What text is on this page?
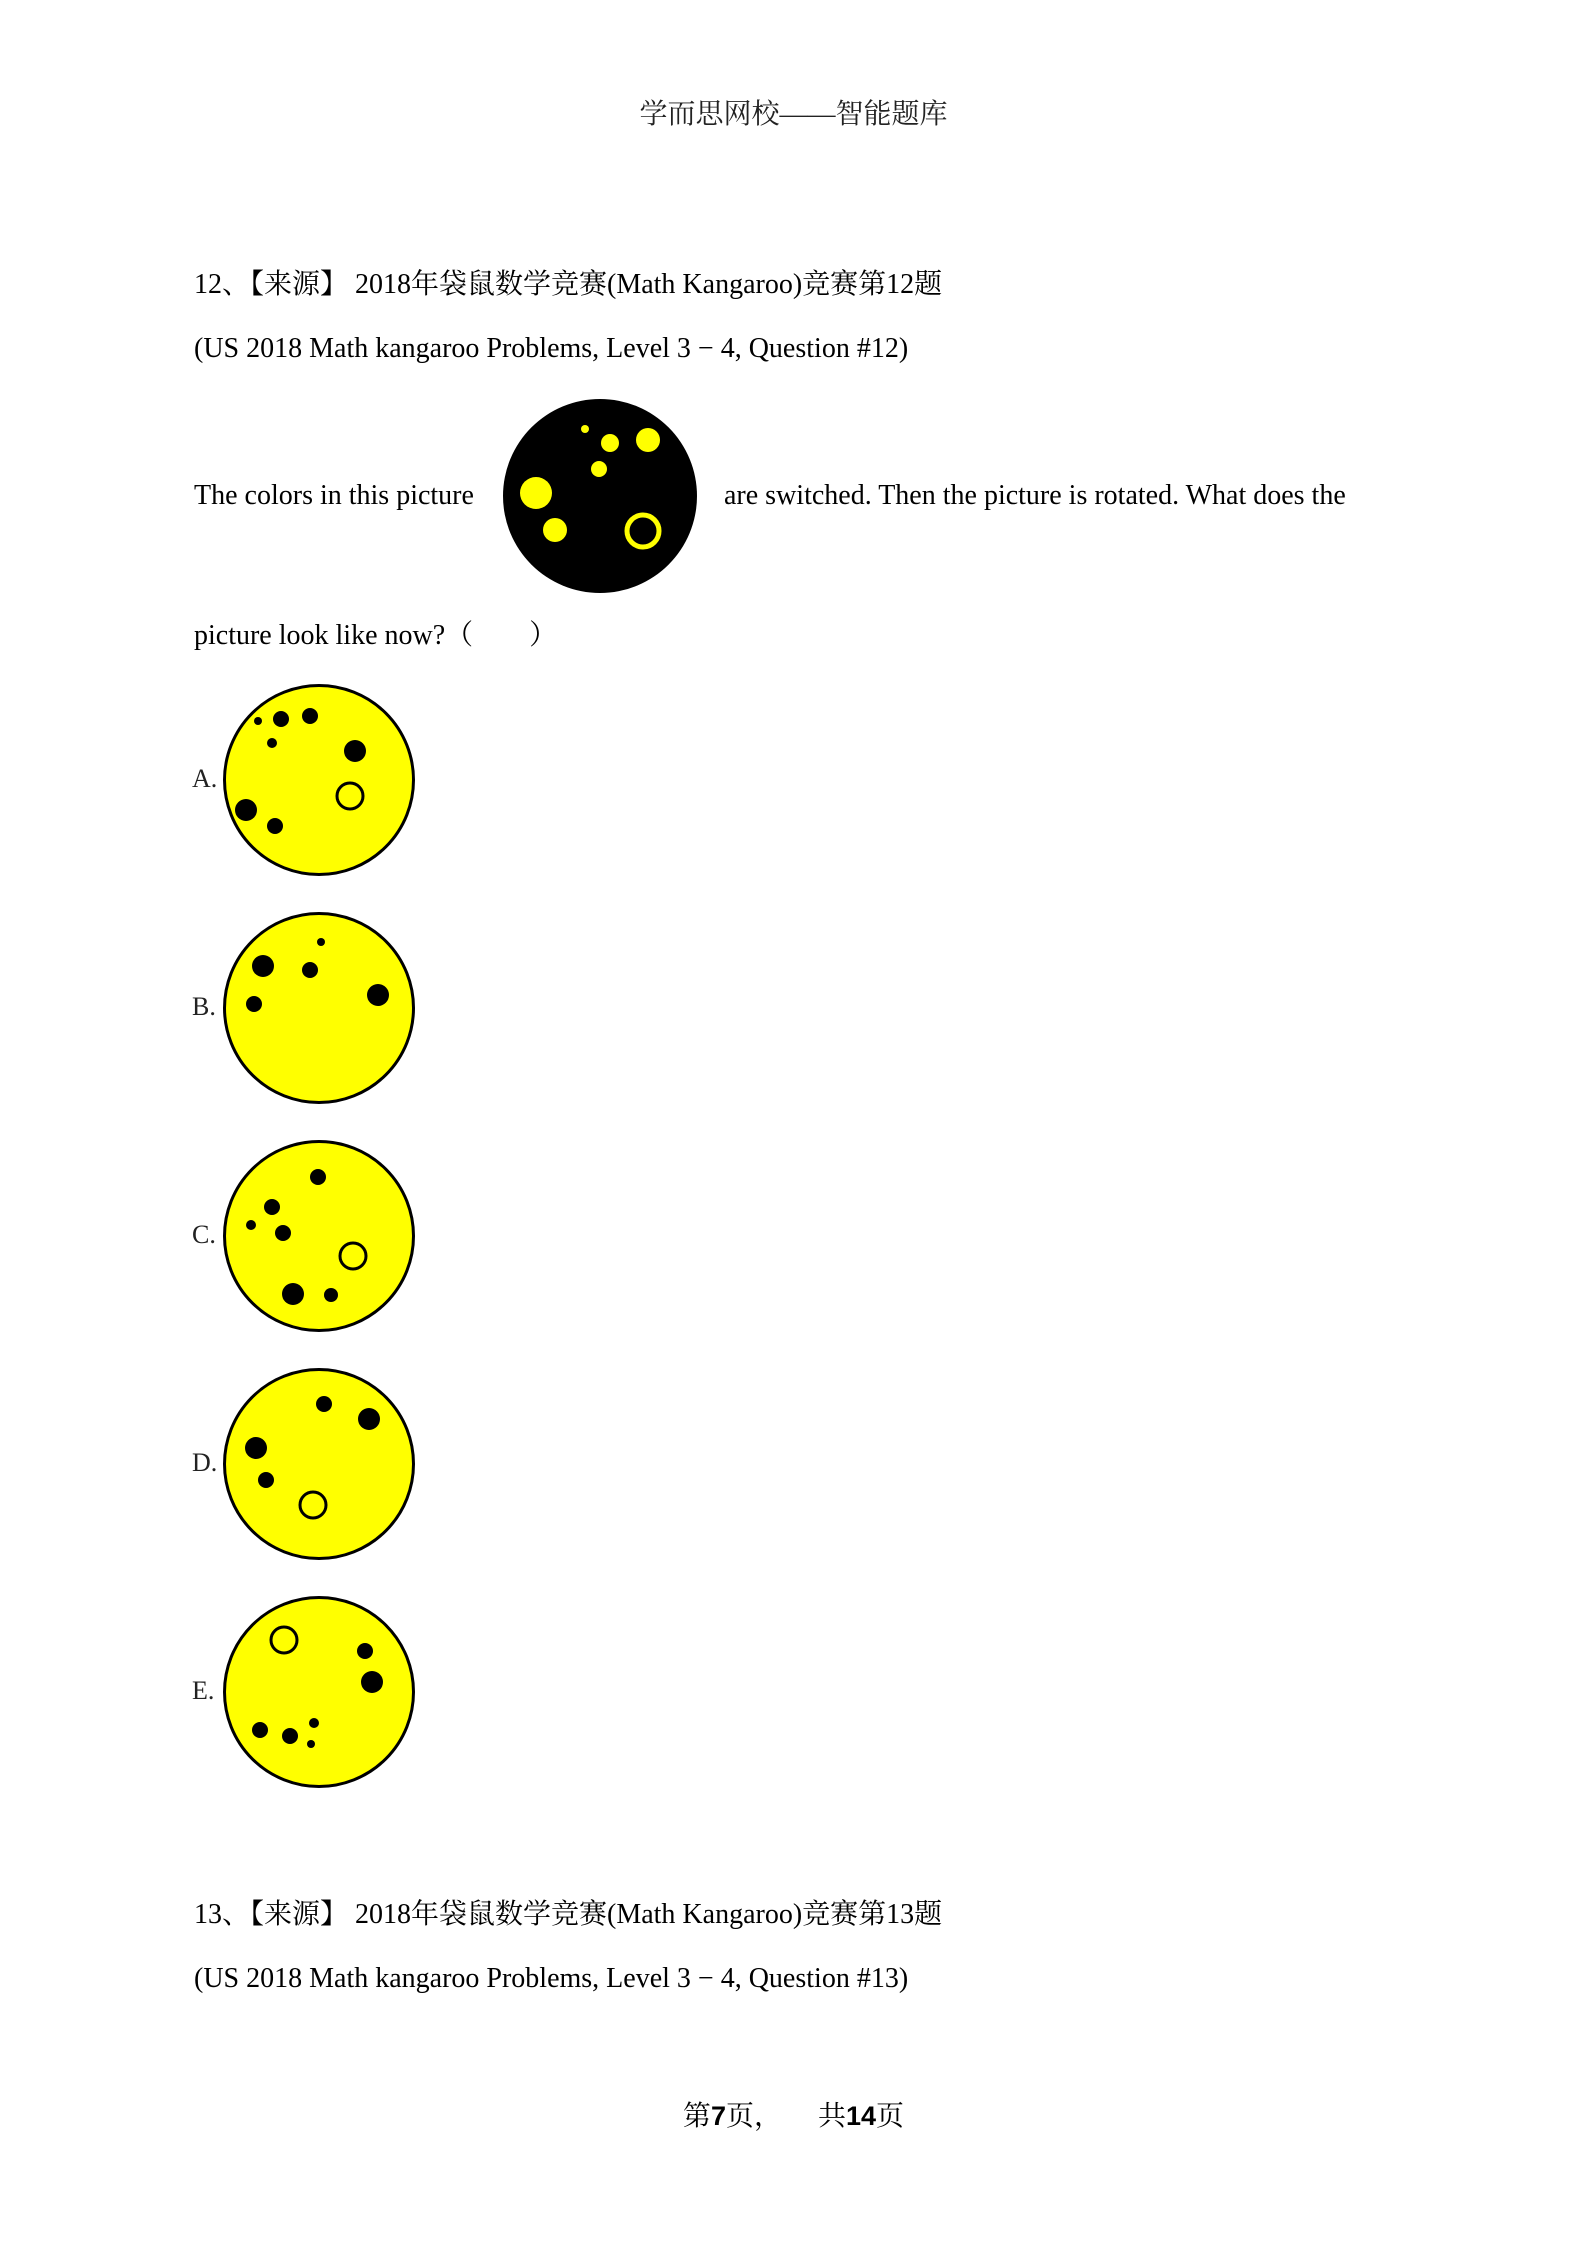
学而思网校——智能题库
12、【来源】 2018年袋鼠数学竞赛(Math Kangaroo)竞赛第12题
(US 2018 Math kangaroo Problems, Level 3 − 4, Question #12)
The colors in this picture	are switched. Then the picture is rotated. What does the
picture look like now?（　　）
A.
B.
C.
D.
E.
13、【来源】 2018年袋鼠数学竞赛(Math Kangaroo)竞赛第13题
(US 2018 Math kangaroo Problems, Level 3 − 4, Question #13)
第7页， 共14页
